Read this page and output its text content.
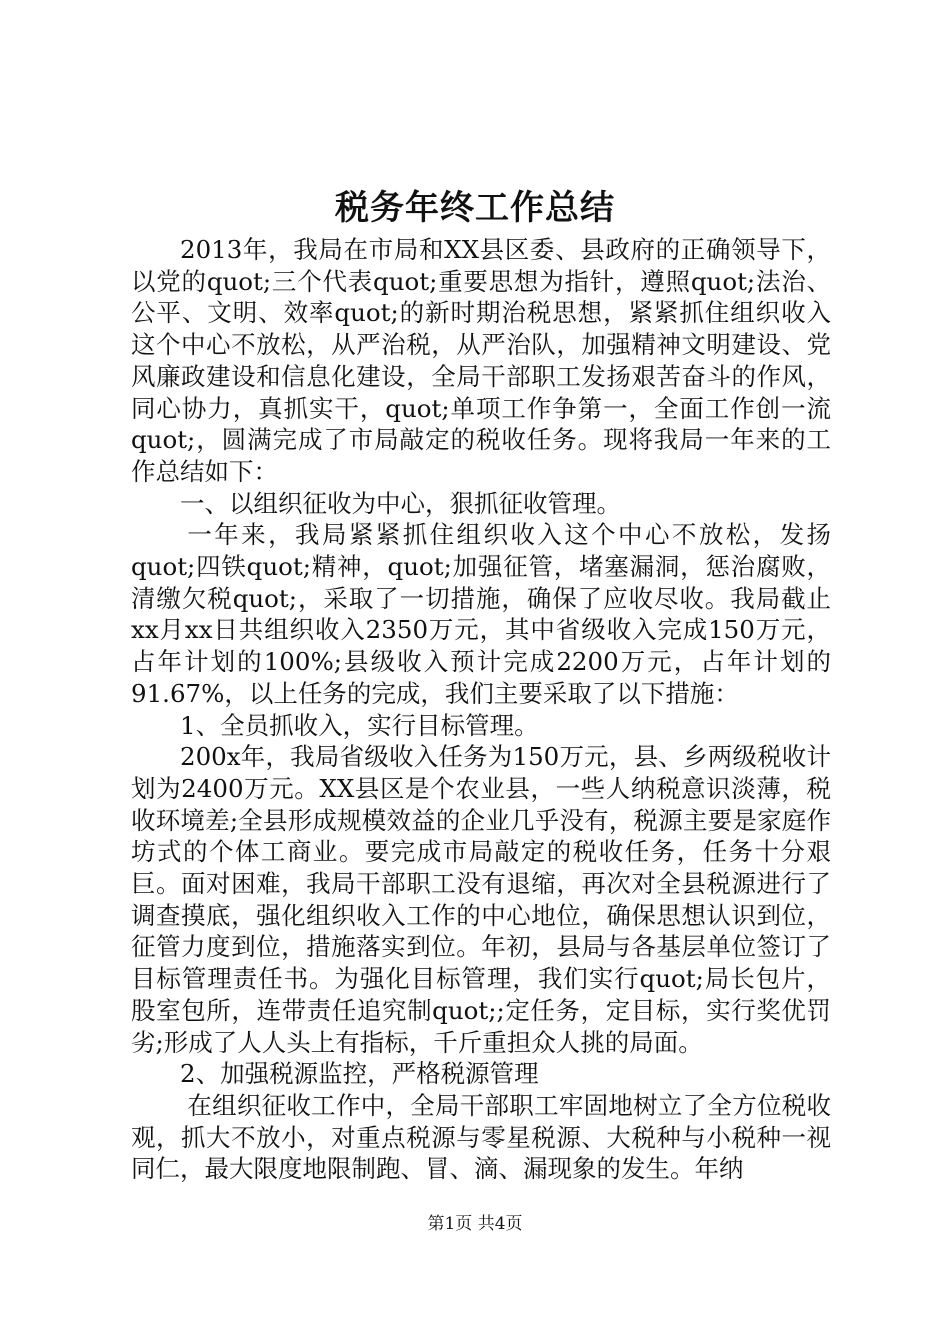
税务年终工作总结

2013年，我局在市局和XX县区委、县政府的正确领导下，以党的quot;三个代表quot;重要思想为指针，遵照quot;法治、公平、文明、效率quot;的新时期治税思想，紧紧抓住组织收入这个中心不放松，从严治税，从严治队，加强精神文明建设、党风廉政建设和信息化建设，全局干部职工发扬艰苦奋斗的作风，同心协力，真抓实干，quot;单项工作争第一，全面工作创一流quot;，圆满完成了市局敲定的税收任务。现将我局一年来的工作总结如下：

一、以组织征收为中心，狠抓征收管理。

一年来，我局紧紧抓住组织收入这个中心不放松，发扬quot;四铁quot;精神，quot;加强征管，堵塞漏洞，惩治腐败，清缴欠税quot;，采取了一切措施，确保了应收尽收。我局截止xx月xx日共组织收入2350万元，其中省级收入完成150万元，占年计划的100%;县级收入预计完成2200万元，占年计划的91.67%，以上任务的完成，我们主要采取了以下措施：

1、全员抓收入，实行目标管理。

200x年，我局省级收入任务为150万元，县、乡两级税收计划为2400万元。XX县区是个农业县，一些人纳税意识淡薄，税收环境差;全县形成规模效益的企业几乎没有，税源主要是家庭作坊式的个体工商业。要完成市局敲定的税收任务，任务十分艰巨。面对困难，我局干部职工没有退缩，再次对全县税源进行了调查摸底，强化组织收入工作的中心地位，确保思想认识到位，征管力度到位，措施落实到位。年初，县局与各基层单位签订了目标管理责任书。为强化目标管理，我们实行quot;局长包片，股室包所，连带责任追究制quot;;定任务，定目标，实行奖优罚劣;形成了人人头上有指标，千斤重担众人挑的局面。

2、加强税源监控，严格税源管理

在组织征收工作中，全局干部职工牢固地树立了全方位税收观，抓大不放小，对重点税源与零星税源、大税种与小税种一视同仁，最大限度地限制跑、冒、滴、漏现象的发生。年纳

第1页 共4页
